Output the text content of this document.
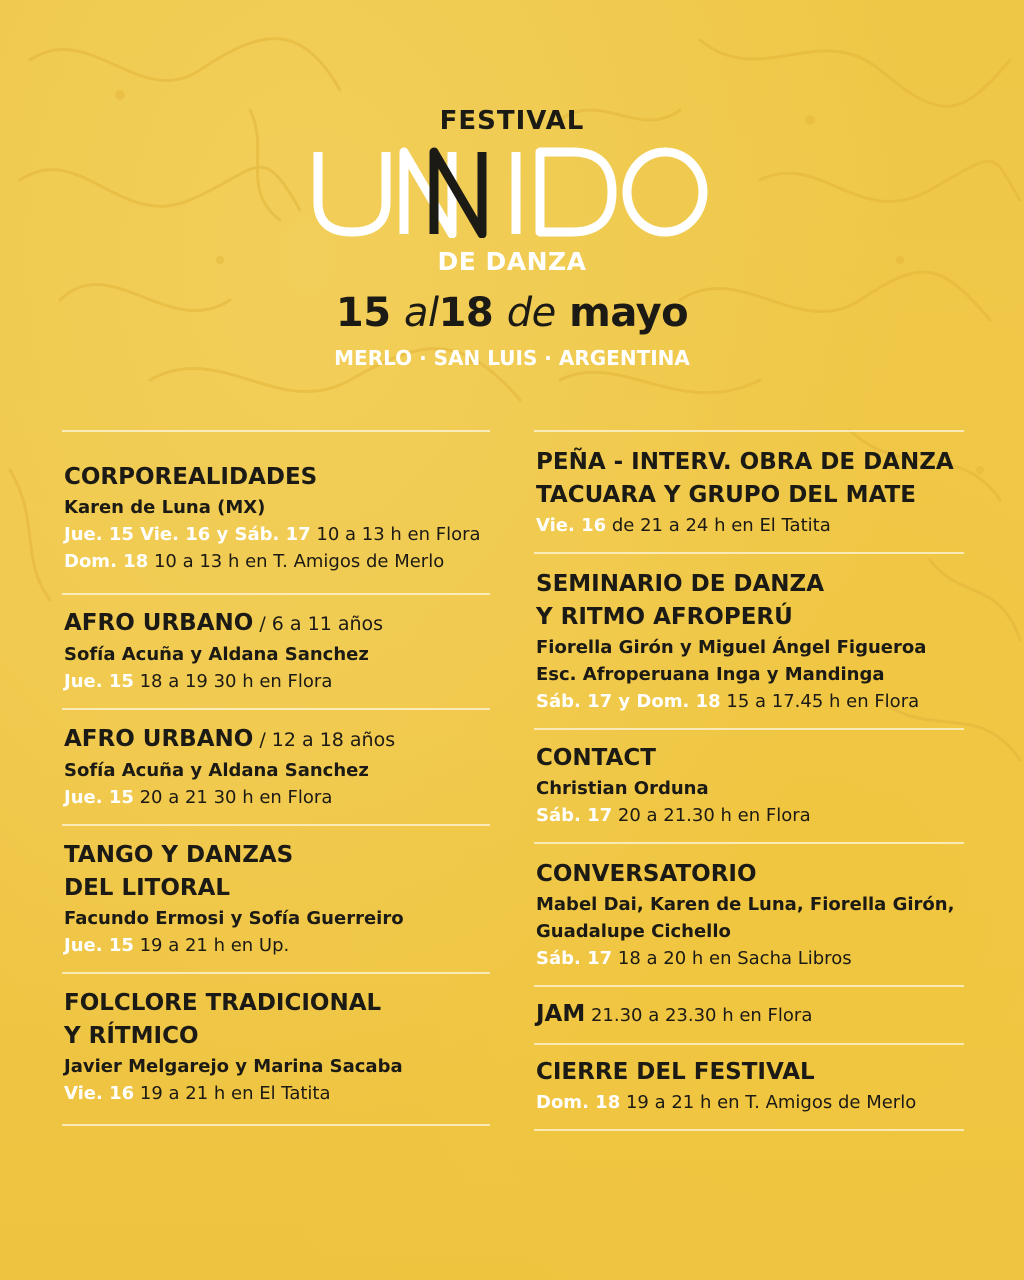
FESTIVAL
DE DANZA
15 al18 de mayo
MERLO · SAN LUIS · ARGENTINA
CORPOREALIDADES
Karen de Luna (MX)
Jue. 15 Vie. 16 y Sáb. 17 10 a 13 h en Flora
Dom. 18 10 a 13 h en T. Amigos de Merlo
AFRO URBANO / 6 a 11 años
Sofía Acuña y Aldana Sanchez
Jue. 15 18 a 19 30 h en Flora
AFRO URBANO / 12 a 18 años
Sofía Acuña y Aldana Sanchez
Jue. 15 20 a 21 30 h en Flora
TANGO Y DANZAS
DEL LITORAL
Facundo Ermosi y Sofía Guerreiro
Jue. 15 19 a 21 h en Up.
FOLCLORE TRADICIONAL
Y RÍTMICO
Javier Melgarejo y Marina Sacaba
Vie. 16 19 a 21 h en El Tatita
PEÑA - INTERV. OBRA DE DANZA
TACUARA Y GRUPO DEL MATE
Vie. 16 de 21 a 24 h en El Tatita
SEMINARIO DE DANZA
Y RITMO AFROPERÚ
Fiorella Girón y Miguel Ángel Figueroa
Esc. Afroperuana Inga y Mandinga
Sáb. 17 y Dom. 18 15 a 17.45 h en Flora
CONTACT
Christian Orduna
Sáb. 17 20 a 21.30 h en Flora
CONVERSATORIO
Mabel Dai, Karen de Luna, Fiorella Girón,
Guadalupe Cichello
Sáb. 17 18 a 20 h en Sacha Libros
JAM 21.30 a 23.30 h en Flora
CIERRE DEL FESTIVAL
Dom. 18 19 a 21 h en T. Amigos de Merlo
